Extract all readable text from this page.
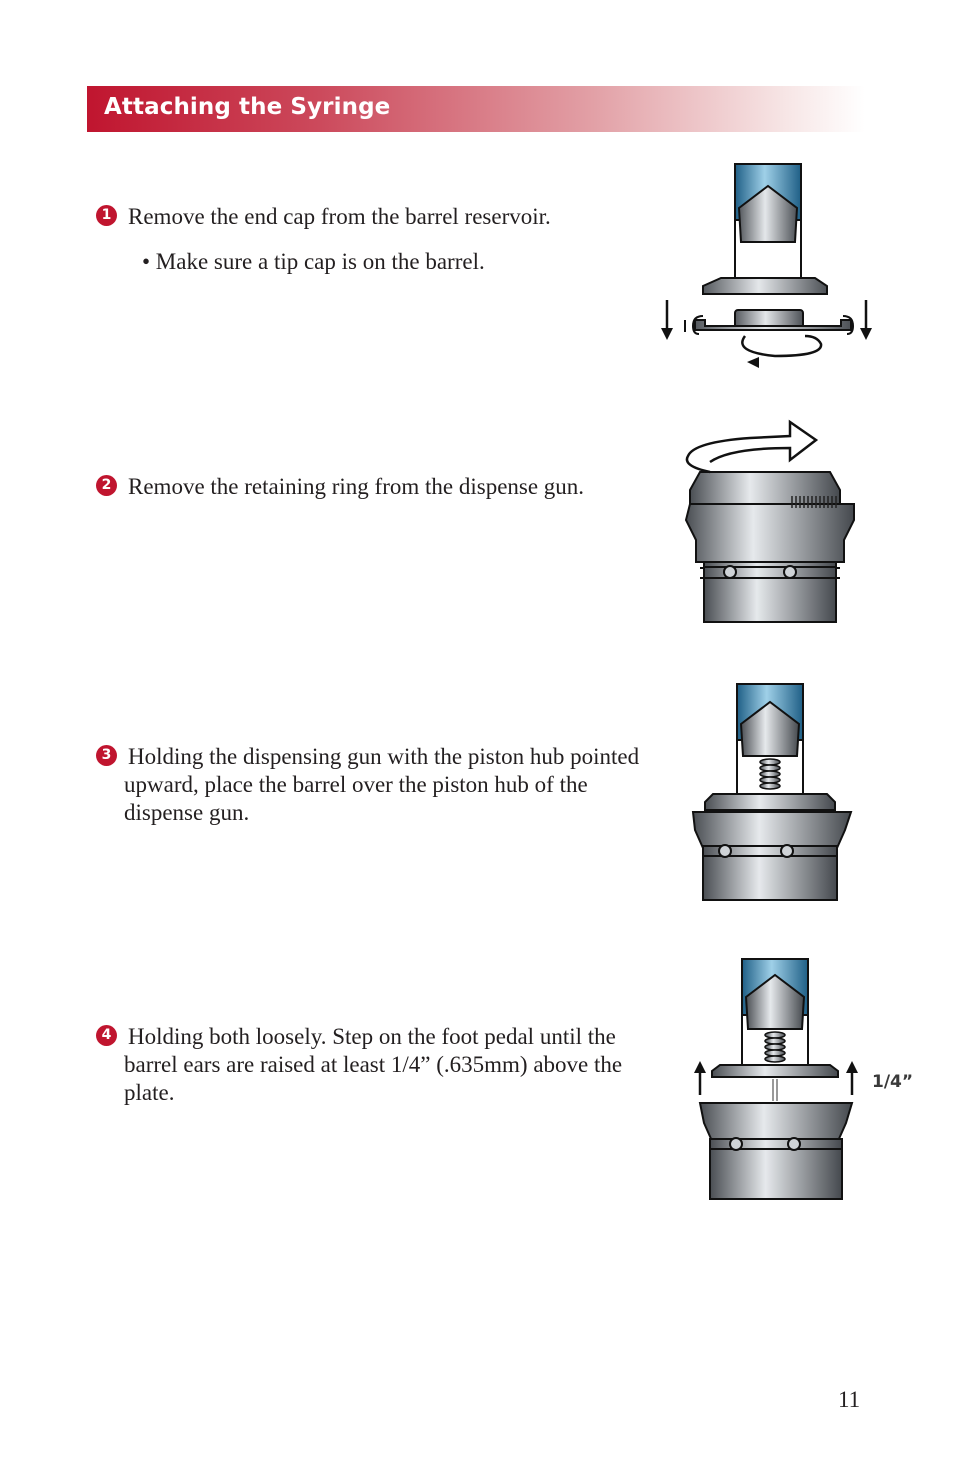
Attaching the Syringe
1 Remove the end cap from the barrel reservoir.
• Make sure a tip cap is on the barrel.
2 Remove the retaining ring from the dispense gun.
3 Holding the dispensing gun with the piston hub pointed upward, place the barrel over the piston hub of the dispense gun.
4 Holding both loosely. Step on the foot pedal until the barrel ears are raised at least 1/4” (.635mm) above the plate.	1/4”
11
